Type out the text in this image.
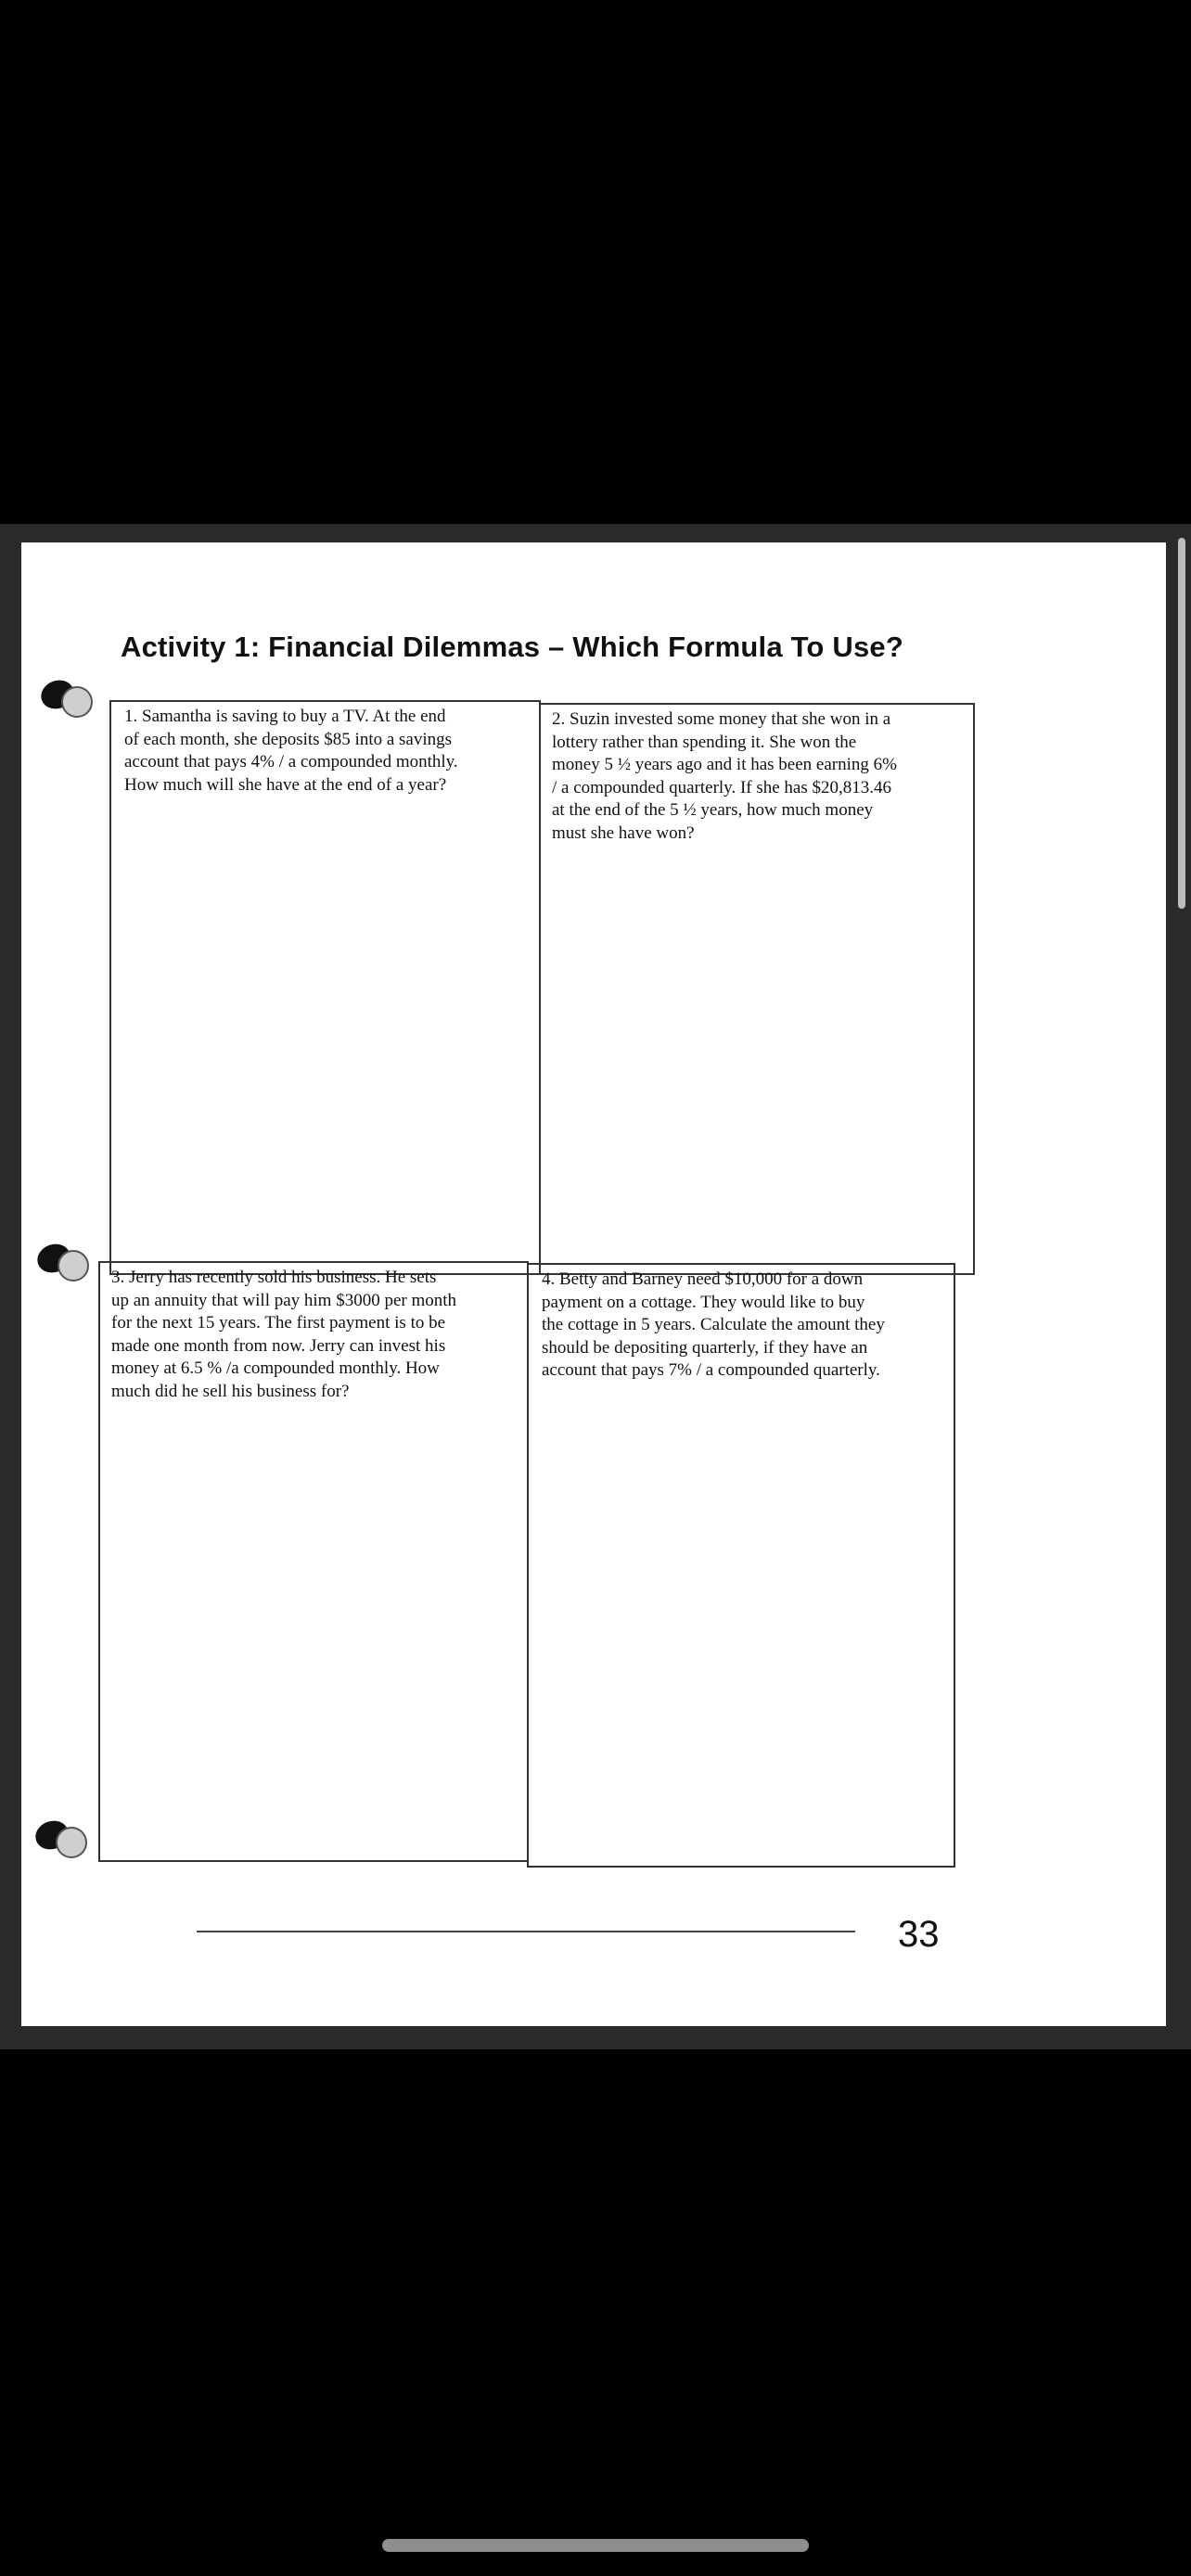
Activity 1: Financial Dilemmas – Which Formula To Use?
1. Samantha is saving to buy a TV. At the end
of each month, she deposits $85 into a savings
account that pays 4% / a compounded monthly.
How much will she have at the end of a year?
2. Suzin invested some money that she won in a
lottery rather than spending it. She won the
money 5 ½ years ago and it has been earning 6%
/ a compounded quarterly. If she has $20,813.46
at the end of the 5 ½ years, how much money
must she have won?
3. Jerry has recently sold his business. He sets
up an annuity that will pay him $3000 per month
for the next 15 years. The first payment is to be
made one month from now. Jerry can invest his
money at 6.5 % /a compounded monthly. How
much did he sell his business for?
4. Betty and Barney need $10,000 for a down
payment on a cottage. They would like to buy
the cottage in 5 years. Calculate the amount they
should be depositing quarterly, if they have an
account that pays 7% / a compounded quarterly.
33
